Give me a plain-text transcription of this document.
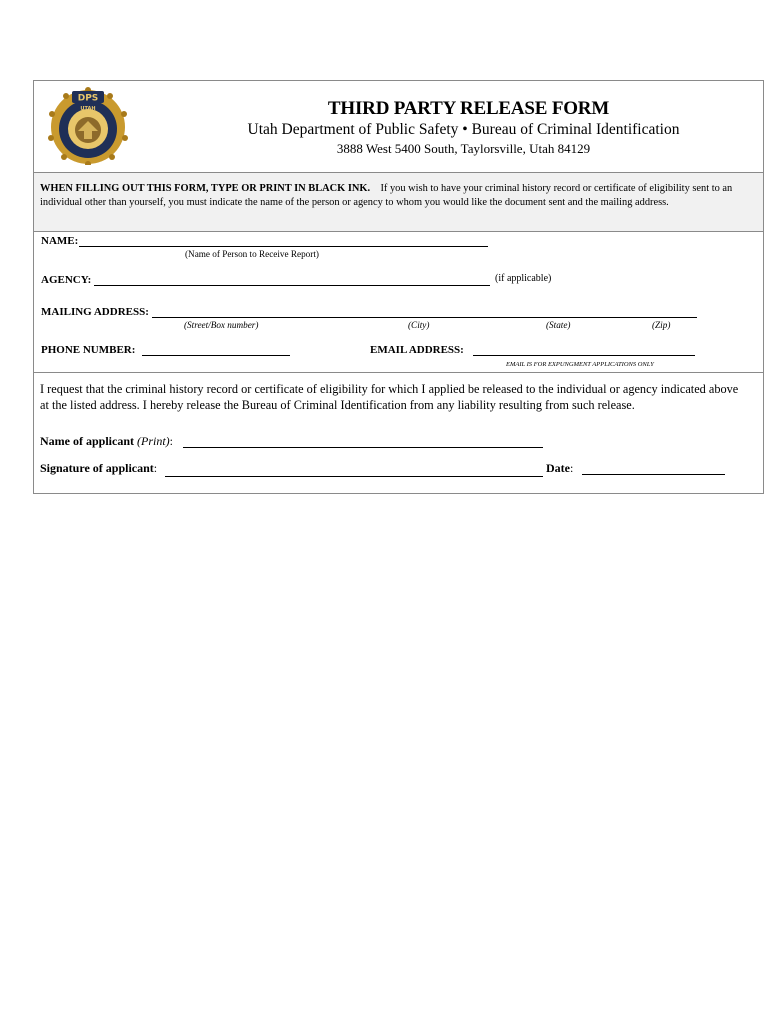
DPS
UTAH	THIRD PARTY RELEASE FORM
Utah Department of Public Safety • Bureau of Criminal Identification
3888 West 5400 South, Taylorsville, Utah 84129
WHEN FILLING OUT THIS FORM, TYPE OR PRINT IN BLACK INK. If you wish to have your criminal history record or certificate of eligibility sent to an individual other than yourself, you must indicate the name of the person or agency to whom you would like the document sent and the mailing address.
NAME:
(Name of Person to Receive Report)
AGENCY:	(if applicable)
MAILING ADDRESS:
(Street/Box number)	(City)	(State)	(Zip)
PHONE NUMBER:	EMAIL ADDRESS:
EMAIL IS FOR EXPUNGMENT APPLICATIONS ONLY
I request that the criminal history record or certificate of eligibility for which I applied be released to the individual or agency indicated above at the listed address. I hereby release the Bureau of Criminal Identification from any liability resulting from such release.
Name of applicant (Print):
Signature of applicant:	Date:
